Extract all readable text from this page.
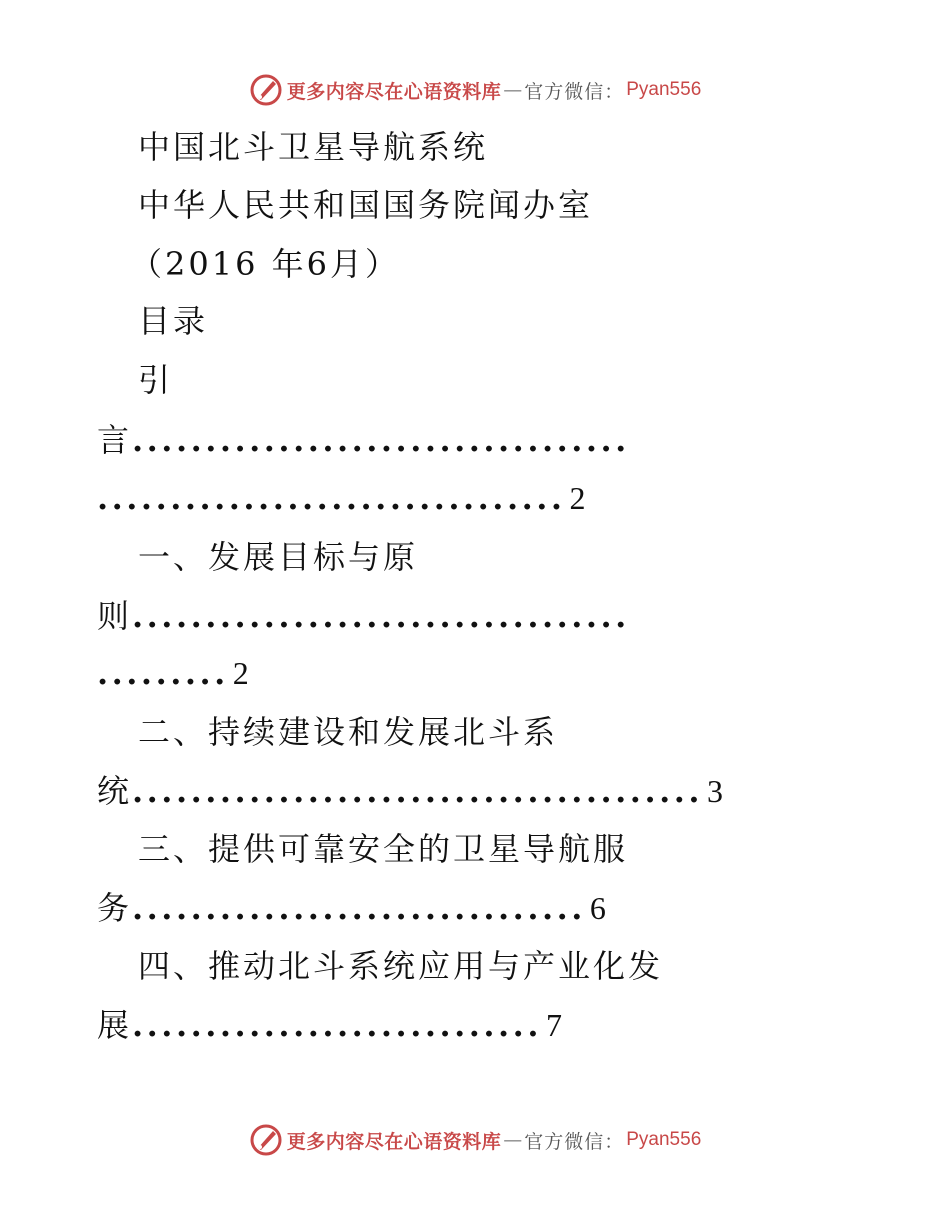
更多内容尽在心语资料库 — 官方微信： Pyan556
中国北斗卫星导航系统
中华人民共和国国务院闻办室
（2016 年6月）
目录
引
言 ..................................
................................ 2
一、发展目标与原
则 ..................................
......... 2
二、持续建设和发展北斗系
统 ....................................... 3
三、提供可靠安全的卫星导航服
务 ............................... 6
四、推动北斗系统应用与产业化发
展 ............................ 7
更多内容尽在心语资料库 — 官方微信： Pyan556
